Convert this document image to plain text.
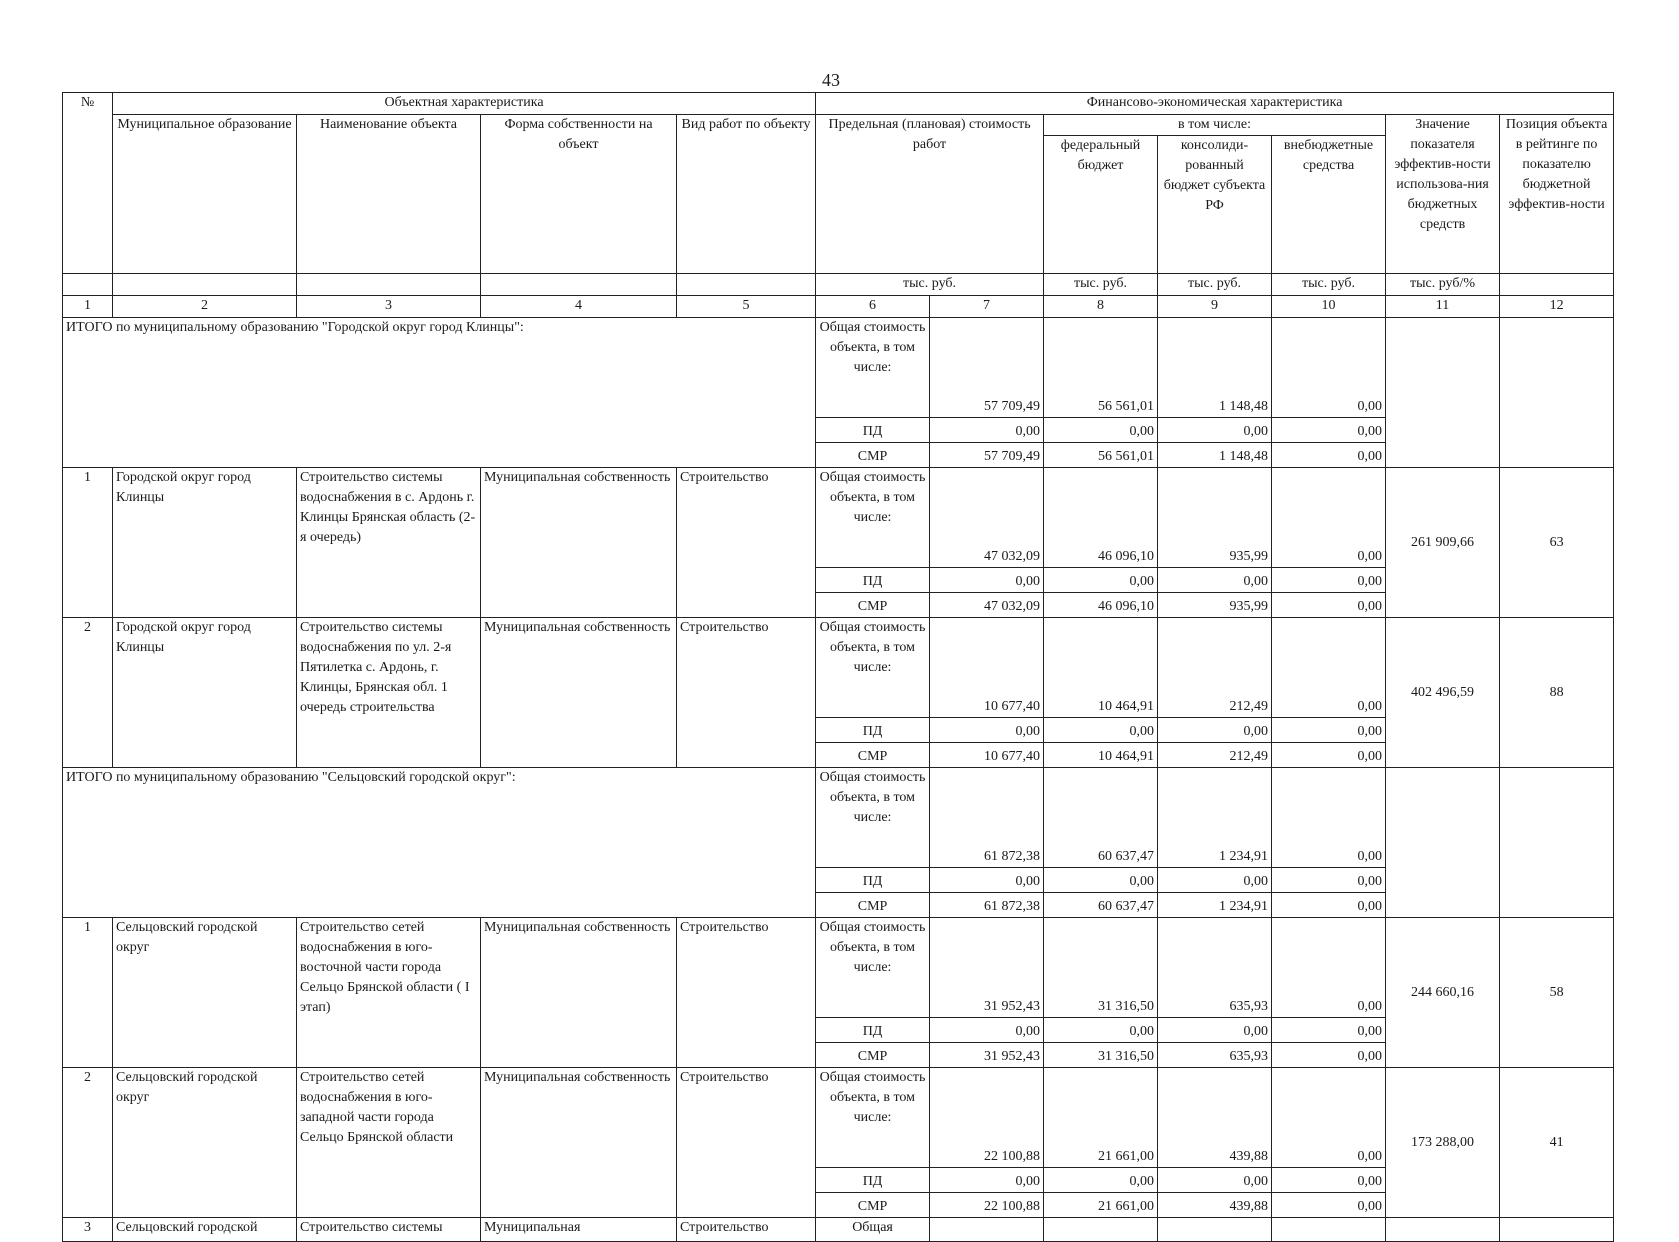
43
№	Объектная характеристика				Финансово-экономическая характеристика						
	Муниципальное образование	Наименование объекта	Форма собственности на объект	Вид работ по объекту	Предельная (плановая) стоимость работ		в том числе:			Значение показателя эффектив-ности использова-ния бюджетных средств	Позиция объекта в рейтинге по показателю бюджетной эффектив-ности
							федеральный бюджет	консолиди-рованный бюджет субъекта РФ	внебюджетные средства		
					тыс. руб.		тыс. руб.	тыс. руб.	тыс. руб.	тыс. руб/%	
1	2	3	4	5	6	7	8	9	10	11	12
ИТОГО по муниципальному образованию "Городской округ город Клинцы":					Общая стоимость объекта, в том числе:	57 709,49	56 561,01	1 148,48	0,00		
					ПД	0,00	0,00	0,00	0,00		
					СМР	57 709,49	56 561,01	1 148,48	0,00		
1	Городской округ город Клинцы	Строительство системы водоснабжения в с. Ардонь г. Клинцы Брянская область (2-я очередь)	Муниципальная собственность	Строительство	Общая стоимость объекта, в том числе:	47 032,09	46 096,10	935,99	0,00	261 909,66	63
					ПД	0,00	0,00	0,00	0,00		
					СМР	47 032,09	46 096,10	935,99	0,00		
2	Городской округ город Клинцы	Строительство системы водоснабжения по ул. 2-я Пятилетка с. Ардонь, г. Клинцы, Брянская обл. 1 очередь строительства	Муниципальная собственность	Строительство	Общая стоимость объекта, в том числе:	10 677,40	10 464,91	212,49	0,00	402 496,59	88
					ПД	0,00	0,00	0,00	0,00		
					СМР	10 677,40	10 464,91	212,49	0,00		
ИТОГО по муниципальному образованию "Сельцовский городской округ":					Общая стоимость объекта, в том числе:	61 872,38	60 637,47	1 234,91	0,00		
					ПД	0,00	0,00	0,00	0,00		
					СМР	61 872,38	60 637,47	1 234,91	0,00		
1	Сельцовский городской округ	Строительство сетей водоснабжения в юго-восточной части города Сельцо Брянской области ( I этап)	Муниципальная собственность	Строительство	Общая стоимость объекта, в том числе:	31 952,43	31 316,50	635,93	0,00	244 660,16	58
					ПД	0,00	0,00	0,00	0,00		
					СМР	31 952,43	31 316,50	635,93	0,00		
2	Сельцовский городской округ	Строительство сетей водоснабжения в юго-западной части города Сельцо Брянской области	Муниципальная собственность	Строительство	Общая стоимость объекта, в том числе:	22 100,88	21 661,00	439,88	0,00	173 288,00	41
					ПД	0,00	0,00	0,00	0,00		
					СМР	22 100,88	21 661,00	439,88	0,00		
3	Сельцовский городской	Строительство системы	Муниципальная	Строительство	Общая						
